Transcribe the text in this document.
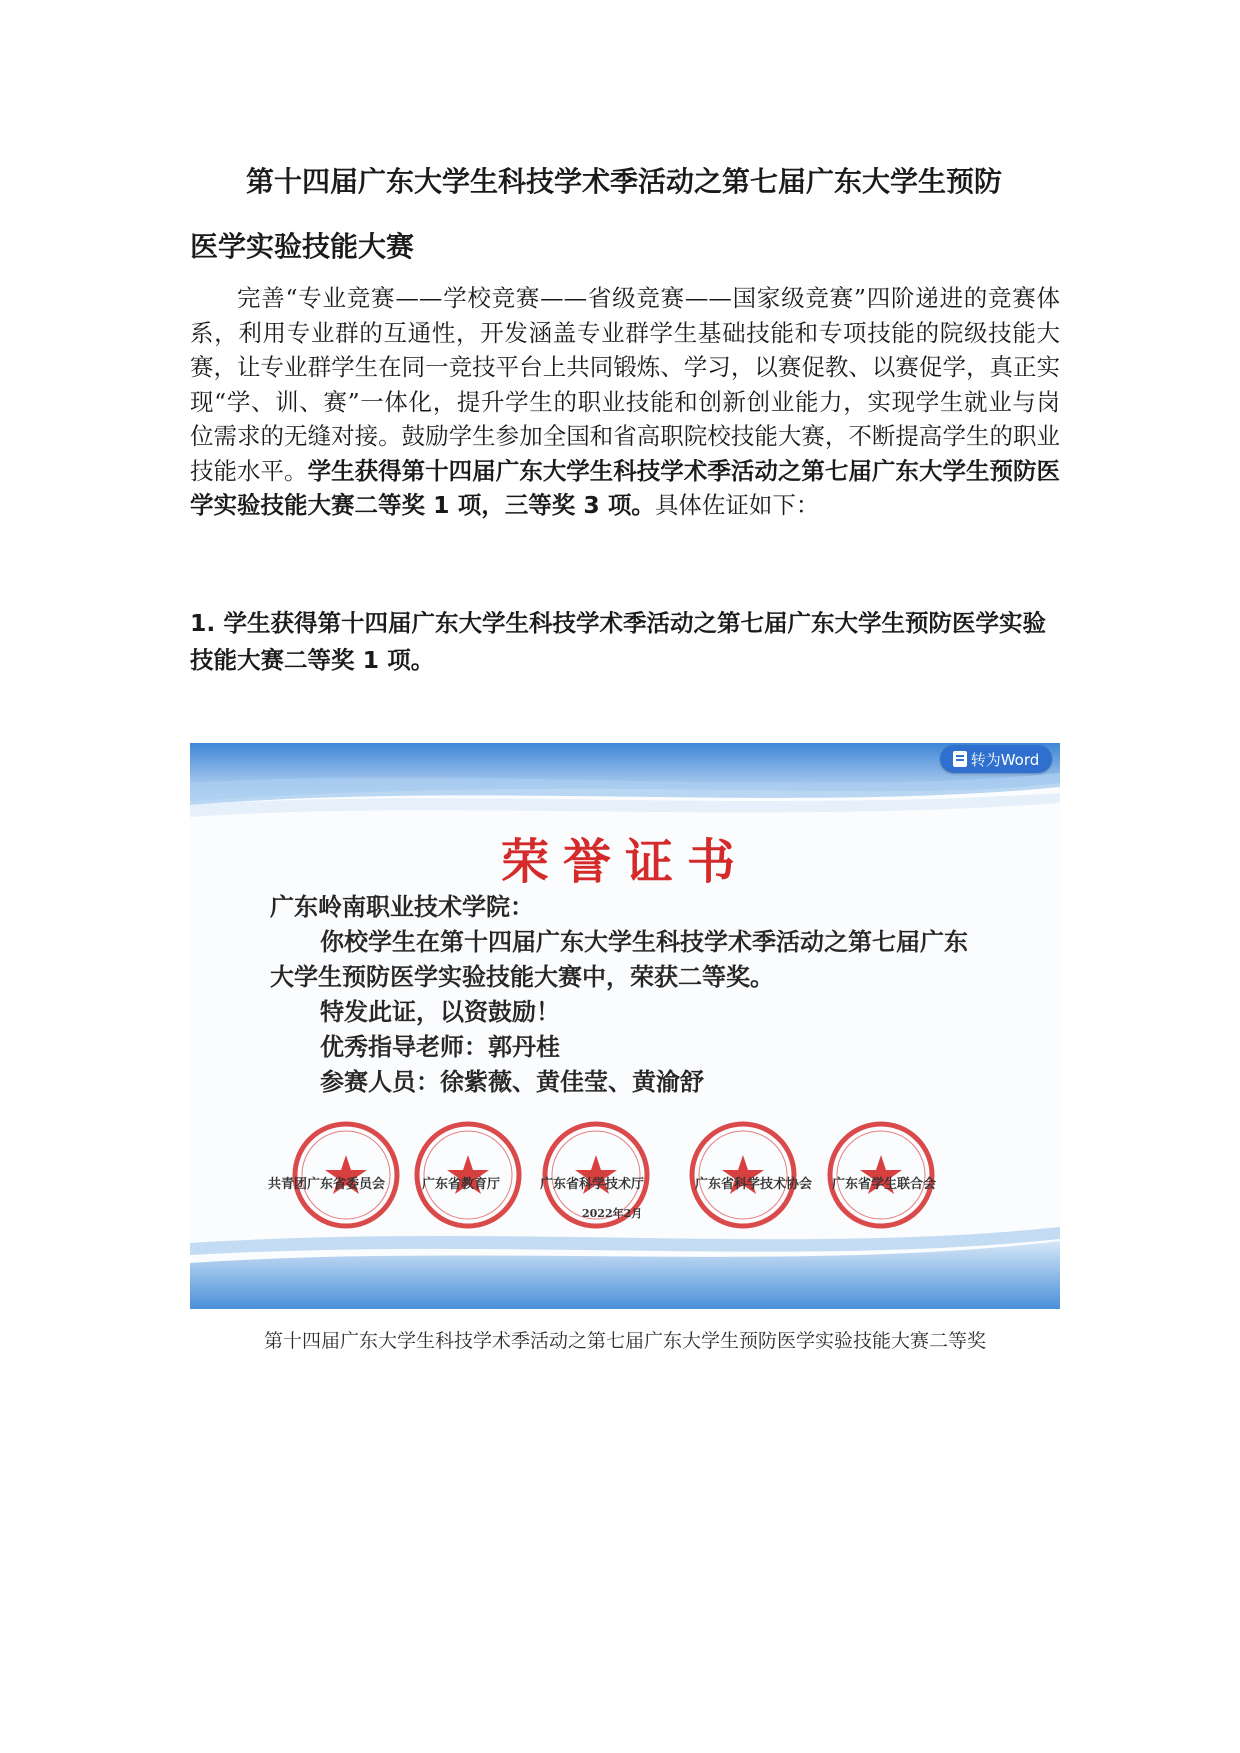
第十四届广东大学生科技学术季活动之第七届广东大学生预防
医学实验技能大赛

完善“专业竞赛——学校竞赛——省级竞赛——国家级竞赛”四阶递进的竞赛体系，利用专业群的互通性，开发涵盖专业群学生基础技能和专项技能的院级技能大赛，让专业群学生在同一竞技平台上共同锻炼、学习，以赛促教、以赛促学，真正实现“学、训、赛”一体化，提升学生的职业技能和创新创业能力，实现学生就业与岗位需求的无缝对接。鼓励学生参加全国和省高职院校技能大赛，不断提高学生的职业技能水平。学生获得第十四届广东大学生科技学术季活动之第七届广东大学生预防医学实验技能大赛二等奖 1 项，三等奖 3 项。具体佐证如下：

1. 学生获得第十四届广东大学生科技学术季活动之第七届广东大学生预防医学实验技能大赛二等奖 1 项。

转为Word
荣誉证书
广东岭南职业技术学院：
你校学生在第十四届广东大学生科技学术季活动之第七届广东
大学生预防医学实验技能大赛中，荣获二等奖。
特发此证，以资鼓励！
优秀指导老师：郭丹桂
参赛人员：徐紫薇、黄佳莹、黄渝舒
共青团广东省委员会	广东省教育厅	广东省科学技术厅	广东省科学技术协会 广东省学生联合会
2022年2月

第十四届广东大学生科技学术季活动之第七届广东大学生预防医学实验技能大赛二等奖
